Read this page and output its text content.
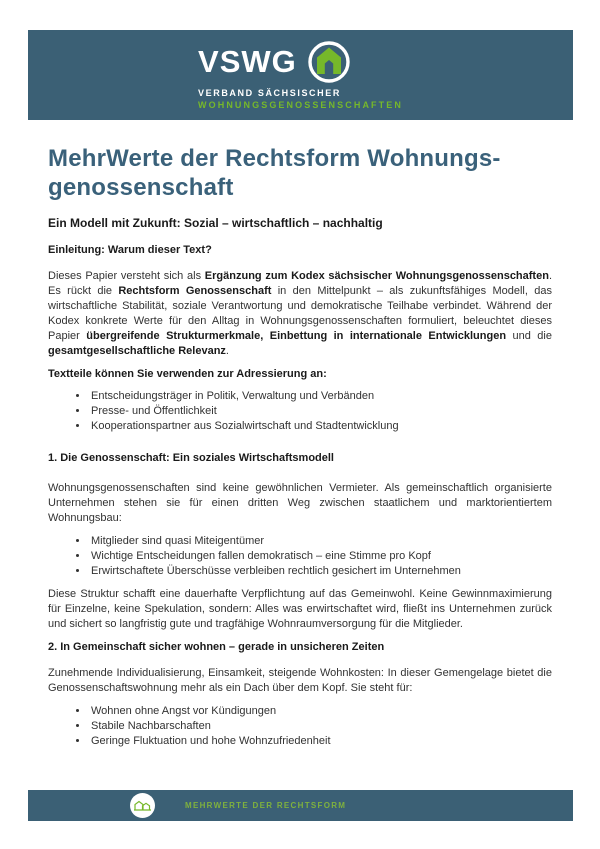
VSWG
VERBAND SÄCHSISCHER
WOHNUNGSGENOSSENSCHAFTEN
MehrWerte der Rechtsform Wohnungs-
genossenschaft
Ein Modell mit Zukunft: Sozial – wirtschaftlich – nachhaltig
Einleitung: Warum dieser Text?

Dieses Papier versteht sich als Ergänzung zum Kodex sächsischer Wohnungsgenossenschaften. Es rückt die Rechtsform Genossenschaft in den Mittelpunkt – als zukunftsfähiges Modell, das wirtschaftliche Stabilität, soziale Verantwortung und demokratische Teilhabe verbindet. Während der Kodex konkrete Werte für den Alltag in Wohnungsgenossenschaften formuliert, beleuchtet dieses Papier übergreifende Strukturmerkmale, Einbettung in internationale Entwicklungen und die gesamtgesellschaftliche Relevanz.

Textteile können Sie verwenden zur Adressierung an:
• Entscheidungsträger in Politik, Verwaltung und Verbänden
• Presse- und Öffentlichkeit
• Kooperationspartner aus Sozialwirtschaft und Stadtentwicklung
1. Die Genossenschaft: Ein soziales Wirtschaftsmodell

Wohnungsgenossenschaften sind keine gewöhnlichen Vermieter. Als gemeinschaftlich organisierte Unternehmen stehen sie für einen dritten Weg zwischen staatlichem und marktorientiertem Wohnungsbau:

• Mitglieder sind quasi Miteigentümer
• Wichtige Entscheidungen fallen demokratisch – eine Stimme pro Kopf
• Erwirtschaftete Überschüsse verbleiben rechtlich gesichert im Unternehmen

Diese Struktur schafft eine dauerhafte Verpflichtung auf das Gemeinwohl. Keine Gewinnmaximierung für Einzelne, keine Spekulation, sondern: Alles was erwirtschaftet wird, fließt ins Unternehmen zurück und sichert so langfristig gute und tragfähige Wohnraumversorgung für die Mitglieder.

2. In Gemeinschaft sicher wohnen – gerade in unsicheren Zeiten

Zunehmende Individualisierung, Einsamkeit, steigende Wohnkosten: In dieser Gemengelage bietet die Genossenschaftswohnung mehr als ein Dach über dem Kopf. Sie steht für:

• Wohnen ohne Angst vor Kündigungen
• Stabile Nachbarschaften
• Geringe Fluktuation und hohe Wohnzufriedenheit
MEHRWERTE DER RECHTSFORM
